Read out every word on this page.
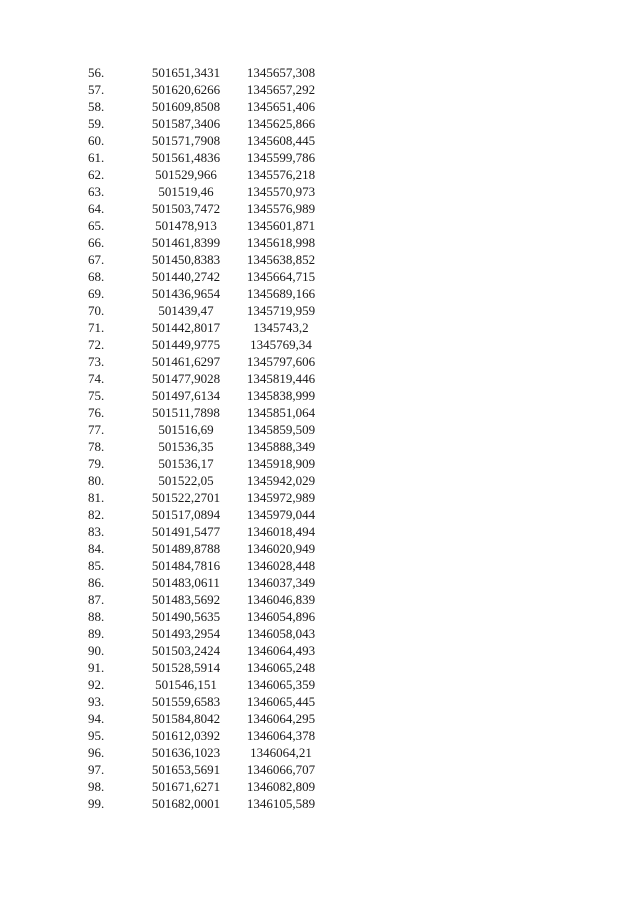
56.	501651,3431	1345657,308
57.	501620,6266	1345657,292
58.	501609,8508	1345651,406
59.	501587,3406	1345625,866
60.	501571,7908	1345608,445
61.	501561,4836	1345599,786
62.	501529,966	1345576,218
63.	501519,46	1345570,973
64.	501503,7472	1345576,989
65.	501478,913	1345601,871
66.	501461,8399	1345618,998
67.	501450,8383	1345638,852
68.	501440,2742	1345664,715
69.	501436,9654	1345689,166
70.	501439,47	1345719,959
71.	501442,8017	1345743,2
72.	501449,9775	1345769,34
73.	501461,6297	1345797,606
74.	501477,9028	1345819,446
75.	501497,6134	1345838,999
76.	501511,7898	1345851,064
77.	501516,69	1345859,509
78.	501536,35	1345888,349
79.	501536,17	1345918,909
80.	501522,05	1345942,029
81.	501522,2701	1345972,989
82.	501517,0894	1345979,044
83.	501491,5477	1346018,494
84.	501489,8788	1346020,949
85.	501484,7816	1346028,448
86.	501483,0611	1346037,349
87.	501483,5692	1346046,839
88.	501490,5635	1346054,896
89.	501493,2954	1346058,043
90.	501503,2424	1346064,493
91.	501528,5914	1346065,248
92.	501546,151	1346065,359
93.	501559,6583	1346065,445
94.	501584,8042	1346064,295
95.	501612,0392	1346064,378
96.	501636,1023	1346064,21
97.	501653,5691	1346066,707
98.	501671,6271	1346082,809
99.	501682,0001	1346105,589
